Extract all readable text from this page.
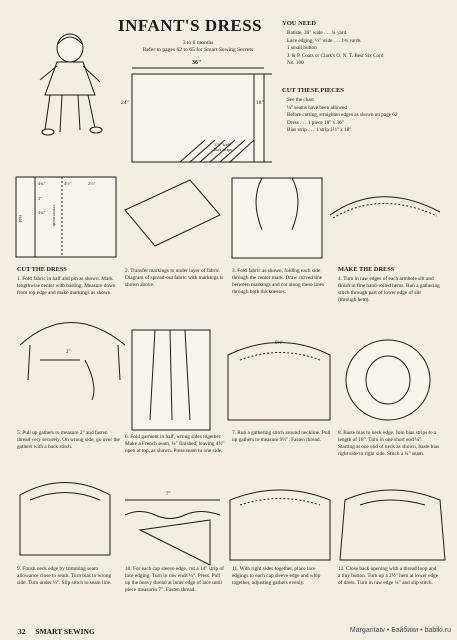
INFANT'S DRESS
3 to 6 months
Refer to pages 62 to 65 for Smart Sewing Secrets
36"
24"	18"
1½" wide
bias strips
fold	center mark
4¾"	4½"	2½"
2"
4¾"
2"
9½"
7"
YOU NEED
Batiste, 36" wide . . . ¾ yard
Lace edging, ½" wide . . . 1¾ yards
1 small button
J. & P. Coats or Clark's O. N. T. Best Six Cord
No. 100
CUT THESE PIECES
See the chart
¼" seams have been allowed
Before cutting, straighten edges as shown on page 62
Dress . . . 1 piece 18" x 36"
Bias strip . . . 1 strip 1½" x 18"
CUT THE DRESS
1. Fold fabric in half and pin as shown. Mark lengthwise center with basting. Measure down from top edge and make markings as shown.
2. Transfer markings to under layer of fabric. Diagram of spread-out fabric with markings is shown above.
3. Fold fabric as shown, folding each side through the center mark. Draw curved line between markings and cut along these lines through both thicknesses.
MAKE THE DRESS
4. Turn in raw edges of each armhole slit and finish in fine hand-rolled hems. Run a gathering stitch through part of lower edge of slit (through hem).
5. Pull up gathers to measure 2" and fasten thread very securely. On wrong side, go over the gathers with a back stitch.
6. Fold garment in half, wrong sides together. Make a French seam, ¼" finished, leaving 4½" open at top, as shown. Press seam to one side.
7. Run a gathering stitch around neckline. Pull up gathers to measure 9½". Fasten thread.
8. Baste bias to neck edge. Join bias strips to a length of 18". Turn in one short end ¼". Starting at one end of neck as shown, baste bias right side to right side. Stitch a ¼" seam.
9. Finish neck edge by trimming seam allowance close to seam. Turn bias to wrong side. Turn under ¼". Slip stitch to seam line.
10. For each cap sleeve edge, cut a 14" strip of lace edging. Turn in raw ends ¼". Press. Pull up the heavy thread at inner edge of lace until piece measures 7". Fasten thread.
11. With right sides together, place lace edgings to each cap sleeve edge and whip together, adjusting gathers evenly.
12. Close back opening with a thread loop and a tiny button. Turn up a 2½" hem at lower edge of dress. Turn in raw edge ¼" and slip stitch.
32 SMART SEWING	Margaritatv • Бэйбики • babiki.ru
